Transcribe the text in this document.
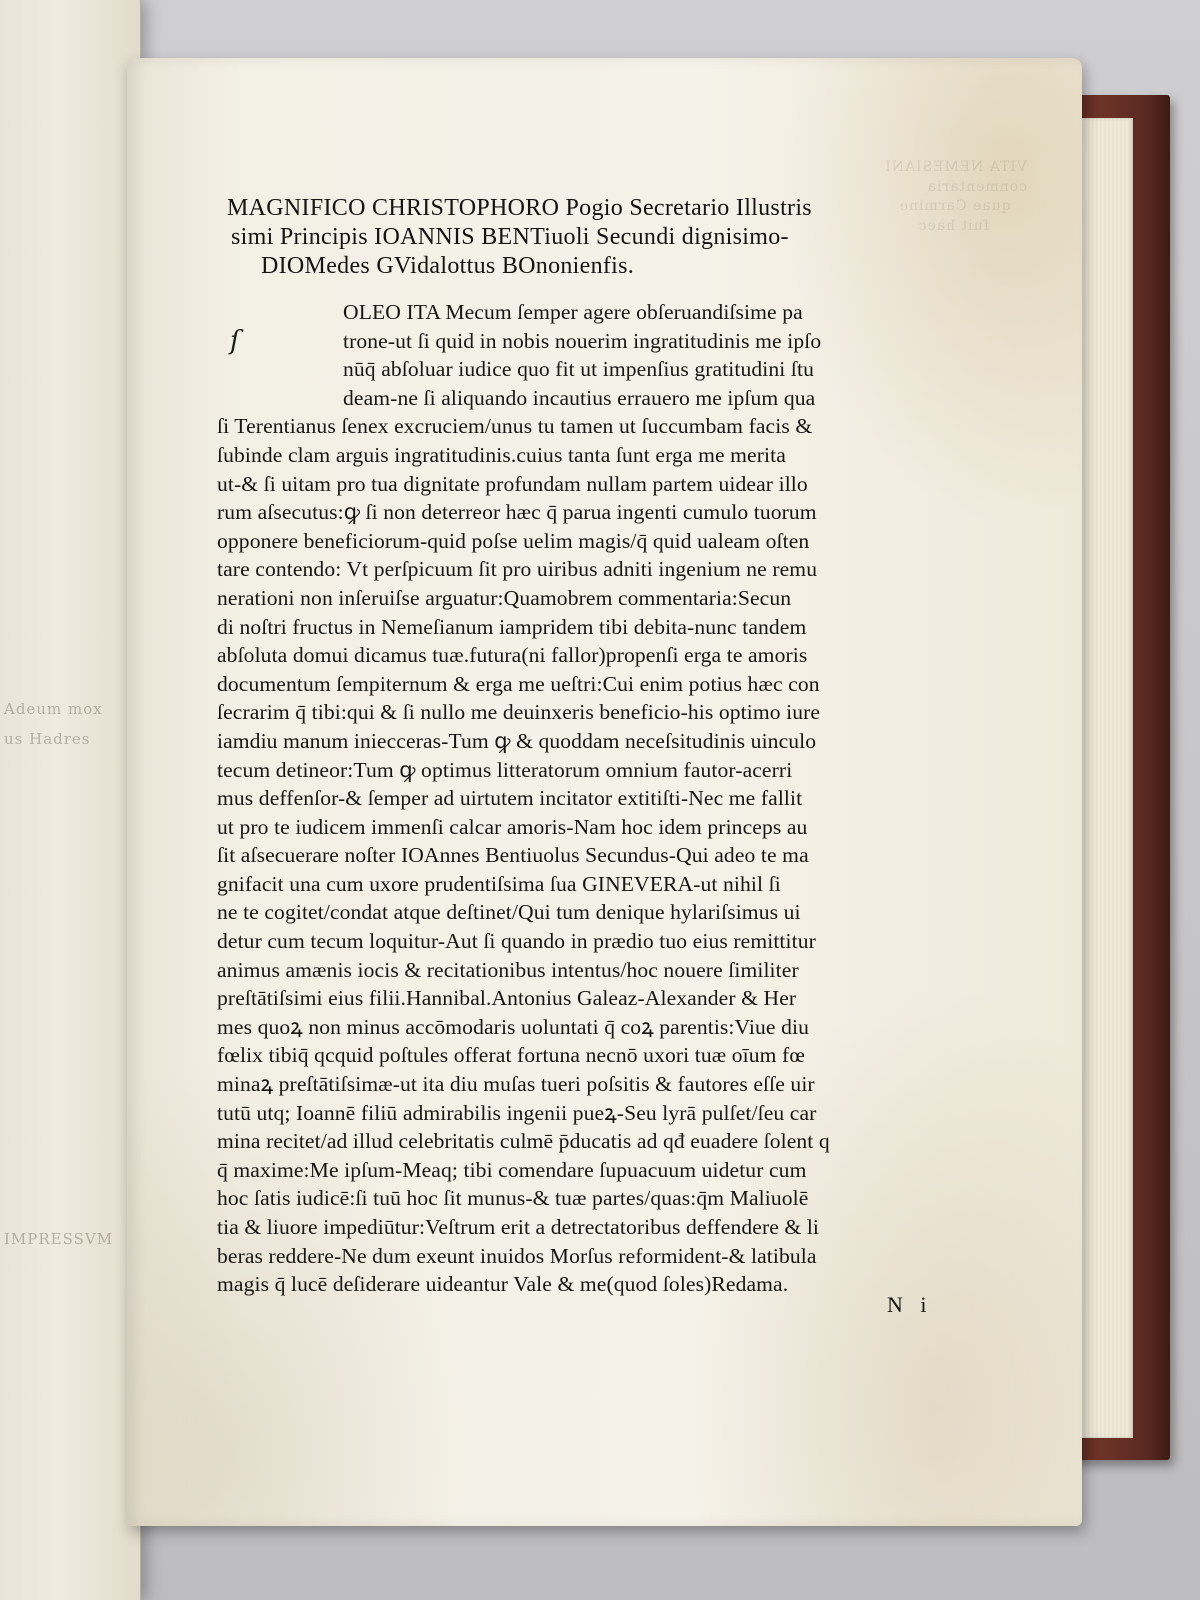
Adeum mox
us Hadres
IMPRESSVM
VITA NEMESIANI
conmentaria
quae Carmine
fuit haec
MAGNIFICO CHRISTOPHORO Pogio Secretario Illustris
simi Principis IOANNIS BENTiuoli Secundi dignisimo-
DIOMedes GVidalottus BOnonienfis.
ſ
OLEO ITA Mecum ſemper agere obſeruandiſsime pa
trone-ut ſi quid in nobis nouerim ingratitudinis me ipſo
nūq̄ abſoluar iudice quo fit ut impenſius gratitudini ſtu
deam-ne ſi aliquando incautius errauero me ipſum qua
ſi Terentianus ſenex excruciem/unus tu tamen ut ſuccumbam facis &
ſubinde clam arguis ingratitudinis.cuius tanta ſunt erga me merita
ut-& ſi uitam pro tua dignitate profundam nullam partem uidear illo
rum aſsecutus:ꝙ ſi non deterreor hæc q̄ parua ingenti cumulo tuorum
opponere beneficiorum-quid poſse uelim magis/q̄ quid ualeam oſten
tare contendo: Vt perſpicuum ſit pro uiribus adniti ingenium ne remu
nerationi non inſeruiſse arguatur:Quamobrem commentaria:Secun
di noſtri fructus in Nemeſianum iampridem tibi debita-nunc tandem
abſoluta domui dicamus tuæ.futura(ni fallor)propenſi erga te amoris
documentum ſempiternum & erga me ueſtri:Cui enim potius hæc con
ſecrarim q̄ tibi:qui & ſi nullo me deuinxeris beneficio-his optimo iure
iamdiu manum iniecceras-Tum ꝙ & quoddam neceſsitudinis uinculo
tecum detineor:Tum ꝙ optimus litteratorum omnium fautor-acerri
mus deffenſor-& ſemper ad uirtutem incitator extitiſti-Nec me fallit
ut pro te iudicem immenſi calcar amoris-Nam hoc idem princeps au
ſit aſsecuerare noſter IOAnnes Bentiuolus Secundus-Qui adeo te ma
gnifacit una cum uxore prudentiſsima ſua GINEVERA-ut nihil ſi
ne te cogitet/condat atque deſtinet/Qui tum denique hylariſsimus ui
detur cum tecum loquitur-Aut ſi quando in prædio tuo eius remittitur
animus amænis iocis & recitationibus intentus/hoc nouere ſimiliter
preſtātiſsimi eius filii.Hannibal.Antonius Galeaz-Alexander & Her
mes quoꝝ non minus accōmodaris uoluntati q̄ coꝝ parentis:Viue diu
fœlix tibiq̄ qcquid poſtules offerat fortuna necnō uxori tuæ oīum fœ
minaꝝ preſtātiſsimæ-ut ita diu muſas tueri poſsitis & fautores eſſe uir
tutū utq; Ioannē filiū admirabilis ingenii pueꝝ-Seu lyrā pulſet/ſeu car
mina recitet/ad illud celebritatis culmē p̄ducatis ad qđ euadere ſolent q
q̄ maxime:Me ipſum-Meaq; tibi comendare ſupuacuum uidetur cum
hoc ſatis iudicē:ſi tuū hoc ſit munus-& tuæ partes/quas:q̄m Maliuolē
tia & liuore impediūtur:Veſtrum erit a detrectatoribus deffendere & li
beras reddere-Ne dum exeunt inuidos Morſus reformident-& latibula
magis q̄ lucē deſiderare uideantur Vale & me(quod ſoles)Redama.
N i
